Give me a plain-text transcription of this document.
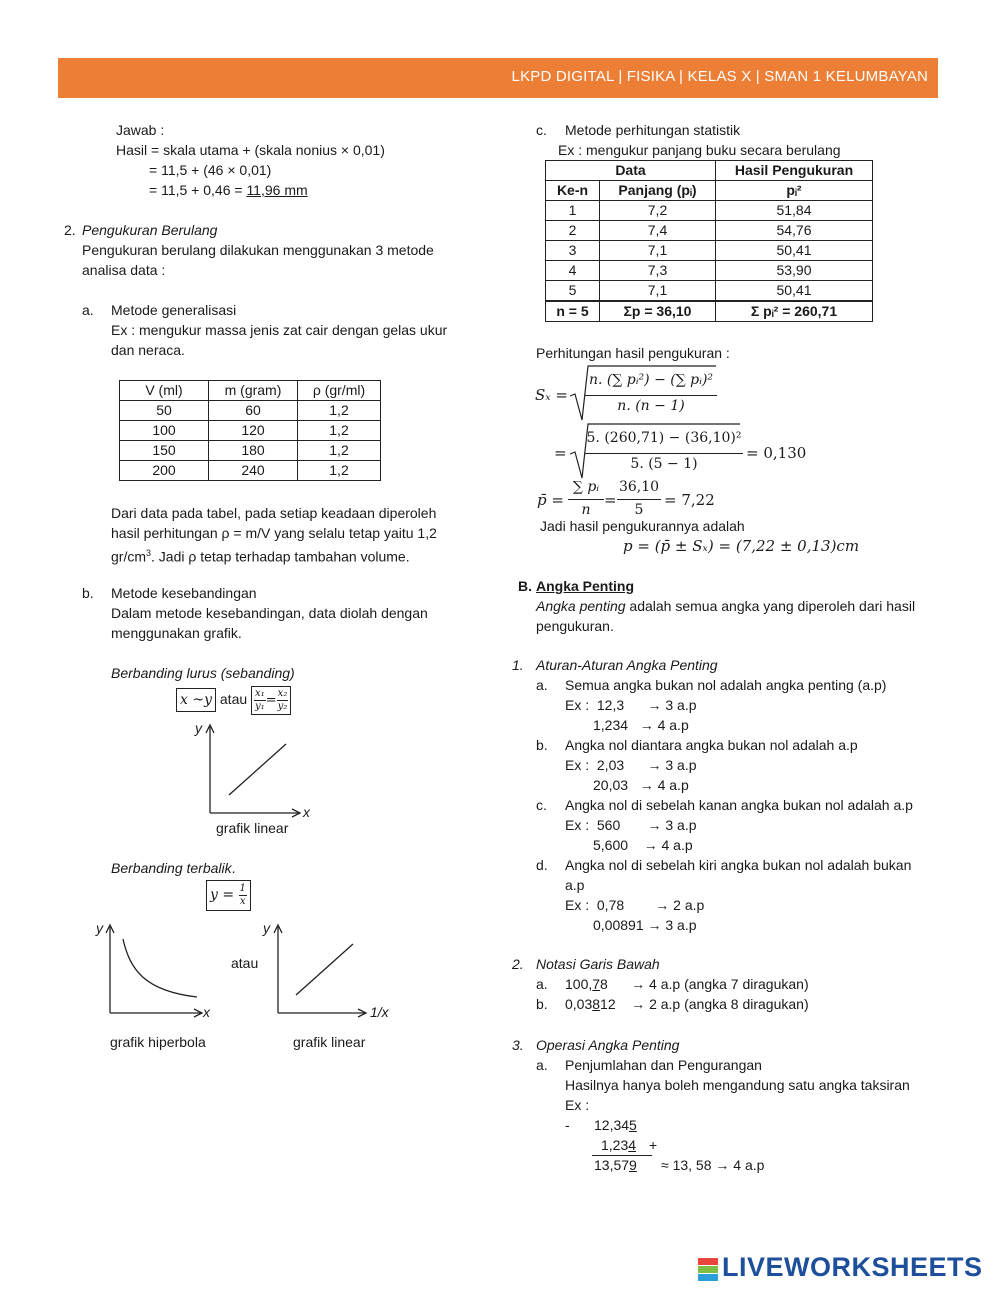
LKPD DIGITAL | FISIKA | KELAS X | SMAN 1 KELUMBAYAN
Jawab :
Hasil = skala utama + (skala nonius × 0,01)
= 11,5 + (46 × 0,01)
= 11,5 + 0,46 = 11,96 mm
2. Pengukuran Berulang
Pengukuran berulang dilakukan menggunakan 3 metode
analisa data :
a. Metode generalisasi
Ex : mengukur massa jenis zat cair dengan gelas ukur
dan neraca.
V (ml)	m (gram)	ρ (gr/ml)
50	60	1,2
100	120	1,2
150	180	1,2
200	240	1,2
Dari data pada tabel, pada setiap keadaan diperoleh
hasil perhitungan ρ = m/V yang selalu tetap yaitu 1,2
$gr/cm^3$. Jadi ρ tetap terhadap tambahan volume.
b. Metode kesebandingan
Dalam metode kesebandingan, data diolah dengan
menggunakan grafik.
Berbanding lurus (sebanding)
x ~y atau $\frac{\text{x₁}}{\text{y₁}} = \frac{\text{x₂}}{\text{y₂}}$
y
x
grafik linear
Berbanding terbalik.
$y = \frac{1}{x}$
y
x
grafik hiperbola
atau
y
1/x
grafik linear
c. Metode perhitungan statistik
Ex : mengukur panjang buku secara berulang
Data		Hasil Pengukuran
Ke-n	Panjang (pᵢ)	pᵢ²
1	7,2	51,84
2	7,4	54,76
3	7,1	50,41
4	7,3	53,90
5	7,1	50,41
n = 5	Σp = 36,10	Σ pᵢ² = 260,71
Perhitungan hasil pengukuran :
Sₓ =
n. (∑ pᵢ²) − (∑ pᵢ)²
n. (n − 1)
=
5. (260,71) − (36,10)²
5. (5 − 1)
= 0,130
p̄ =
∑ pᵢ
n
=
36,10
5
= 7,22
Jadi hasil pengukurannya adalah
p = (p̄ ± Sₓ) = (7,22 ± 0,13)cm
B. Angka Penting
Angka penting adalah semua angka yang diperoleh dari hasil
pengukuran.
1. Aturan-Aturan Angka Penting
a. Semua angka bukan nol adalah angka penting (a.p)
Ex :  12,3      → 3 a.p
1,234   → 4 a.p
b. Angka nol diantara angka bukan nol adalah a.p
Ex :  2,03      → 3 a.p
20,03   → 4 a.p
c. Angka nol di sebelah kanan angka bukan nol adalah a.p
Ex :  560       → 3 a.p
5,600    → 4 a.p
d. Angka nol di sebelah kiri angka bukan nol adalah bukan
a.p
Ex :  0,78        → 2 a.p
0,00891 → 3 a.p
2. Notasi Garis Bawah
a. 100,78      → 4 a.p (angka 7 diragukan)
b. 0,03812    → 2 a.p (angka 8 diragukan)
3. Operasi Angka Penting
a. Penjumlahan dan Pengurangan
Hasilnya hanya boleh mengandung satu angka taksiran
Ex :
- 12,345
1,234 +
13,579 ≈ 13, 58 → 4 a.p
LIVEWORKSHEETS
